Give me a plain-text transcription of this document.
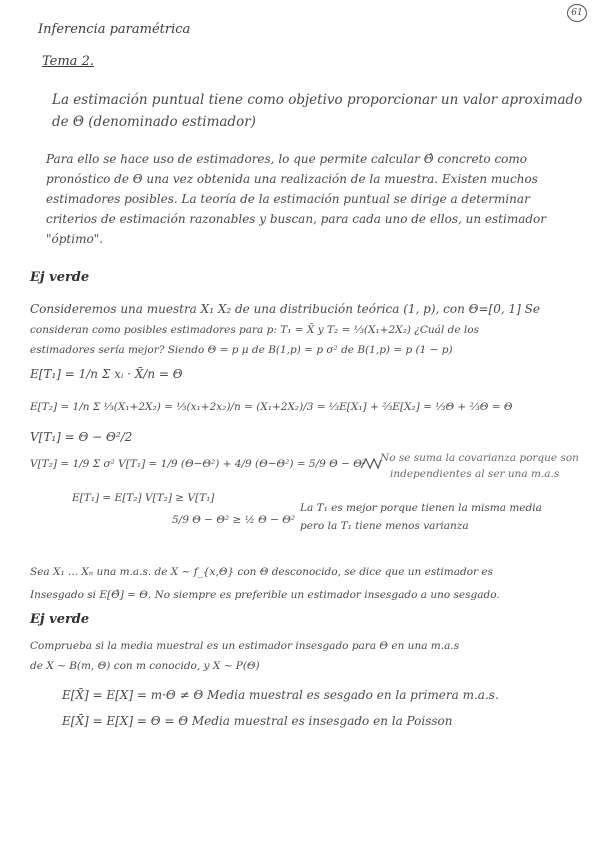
61
Inferencia paramétrica
Tema 2.
La estimación puntual tiene como objetivo proporcionar un valor aproximado
de Θ (denominado estimador)
Para ello se hace uso de estimadores, lo que permite calcular Θ̂ concreto como
pronóstico de Θ una vez obtenida una realización de la muestra. Existen muchos
estimadores posibles. La teoría de la estimación puntual se dirige a determinar
criterios de estimación razonables y buscan, para cada uno de ellos, un estimador
"óptimo".
Ej verde
Consideremos una muestra X₁ X₂ de una distribución teórica (1, p), con Θ=[0, 1] Se
consideran como posibles estimadores para p: T₁ = X̄ y T₂ = ⅓(X₁+2X₂) ¿Cuál de los
estimadores sería mejor? Siendo Θ = p μ de B(1,p) = p σ² de B(1,p) = p (1 − p)
E[T₁] = 1/n Σ xᵢ · X̄/n = Θ
E[T₂] = 1/n Σ ⅓(X₁+2X₂) = ⅓(x₁+2x₂)/n = (X₁+2X₂)/3 = ⅓E[X₁] + ⅔E[X₂] = ⅓Θ + ⅔Θ = Θ
V[T₁] = Θ − Θ²/2
V[T₂] = 1/9 Σ σ² V[T₁] = 1/9 (Θ−Θ²) + 4/9 (Θ−Θ²) = 5/9 Θ − Θ² No se suma la covarianza porque son
independientes al ser una m.a.s
E[T₁] = E[T₂] V[T₂] ≥ V[T₁]
5/9 Θ − Θ² ≥ ½ Θ − Θ²
La T₁ es mejor porque tienen la misma media
pero la T₁ tiene menos varianza
Sea X₁ ... Xₙ una m.a.s. de X ~ f_{x,Θ} con Θ desconocido, se dice que un estimador es
Insesgado si E[Θ̂] = Θ. No siempre es preferible un estimador insesgado a uno sesgado.
Ej verde
Comprueba si la media muestral es un estimador insesgado para Θ en una m.a.s
de X ~ B(m, Θ) con m conocido, y X ~ P(Θ)
E[X̄] = E[X] = m·Θ ≠ Θ Media muestral es sesgado en la primera m.a.s.
E[X̄] = E[X] = Θ = Θ Media muestral es insesgado en la Poisson
